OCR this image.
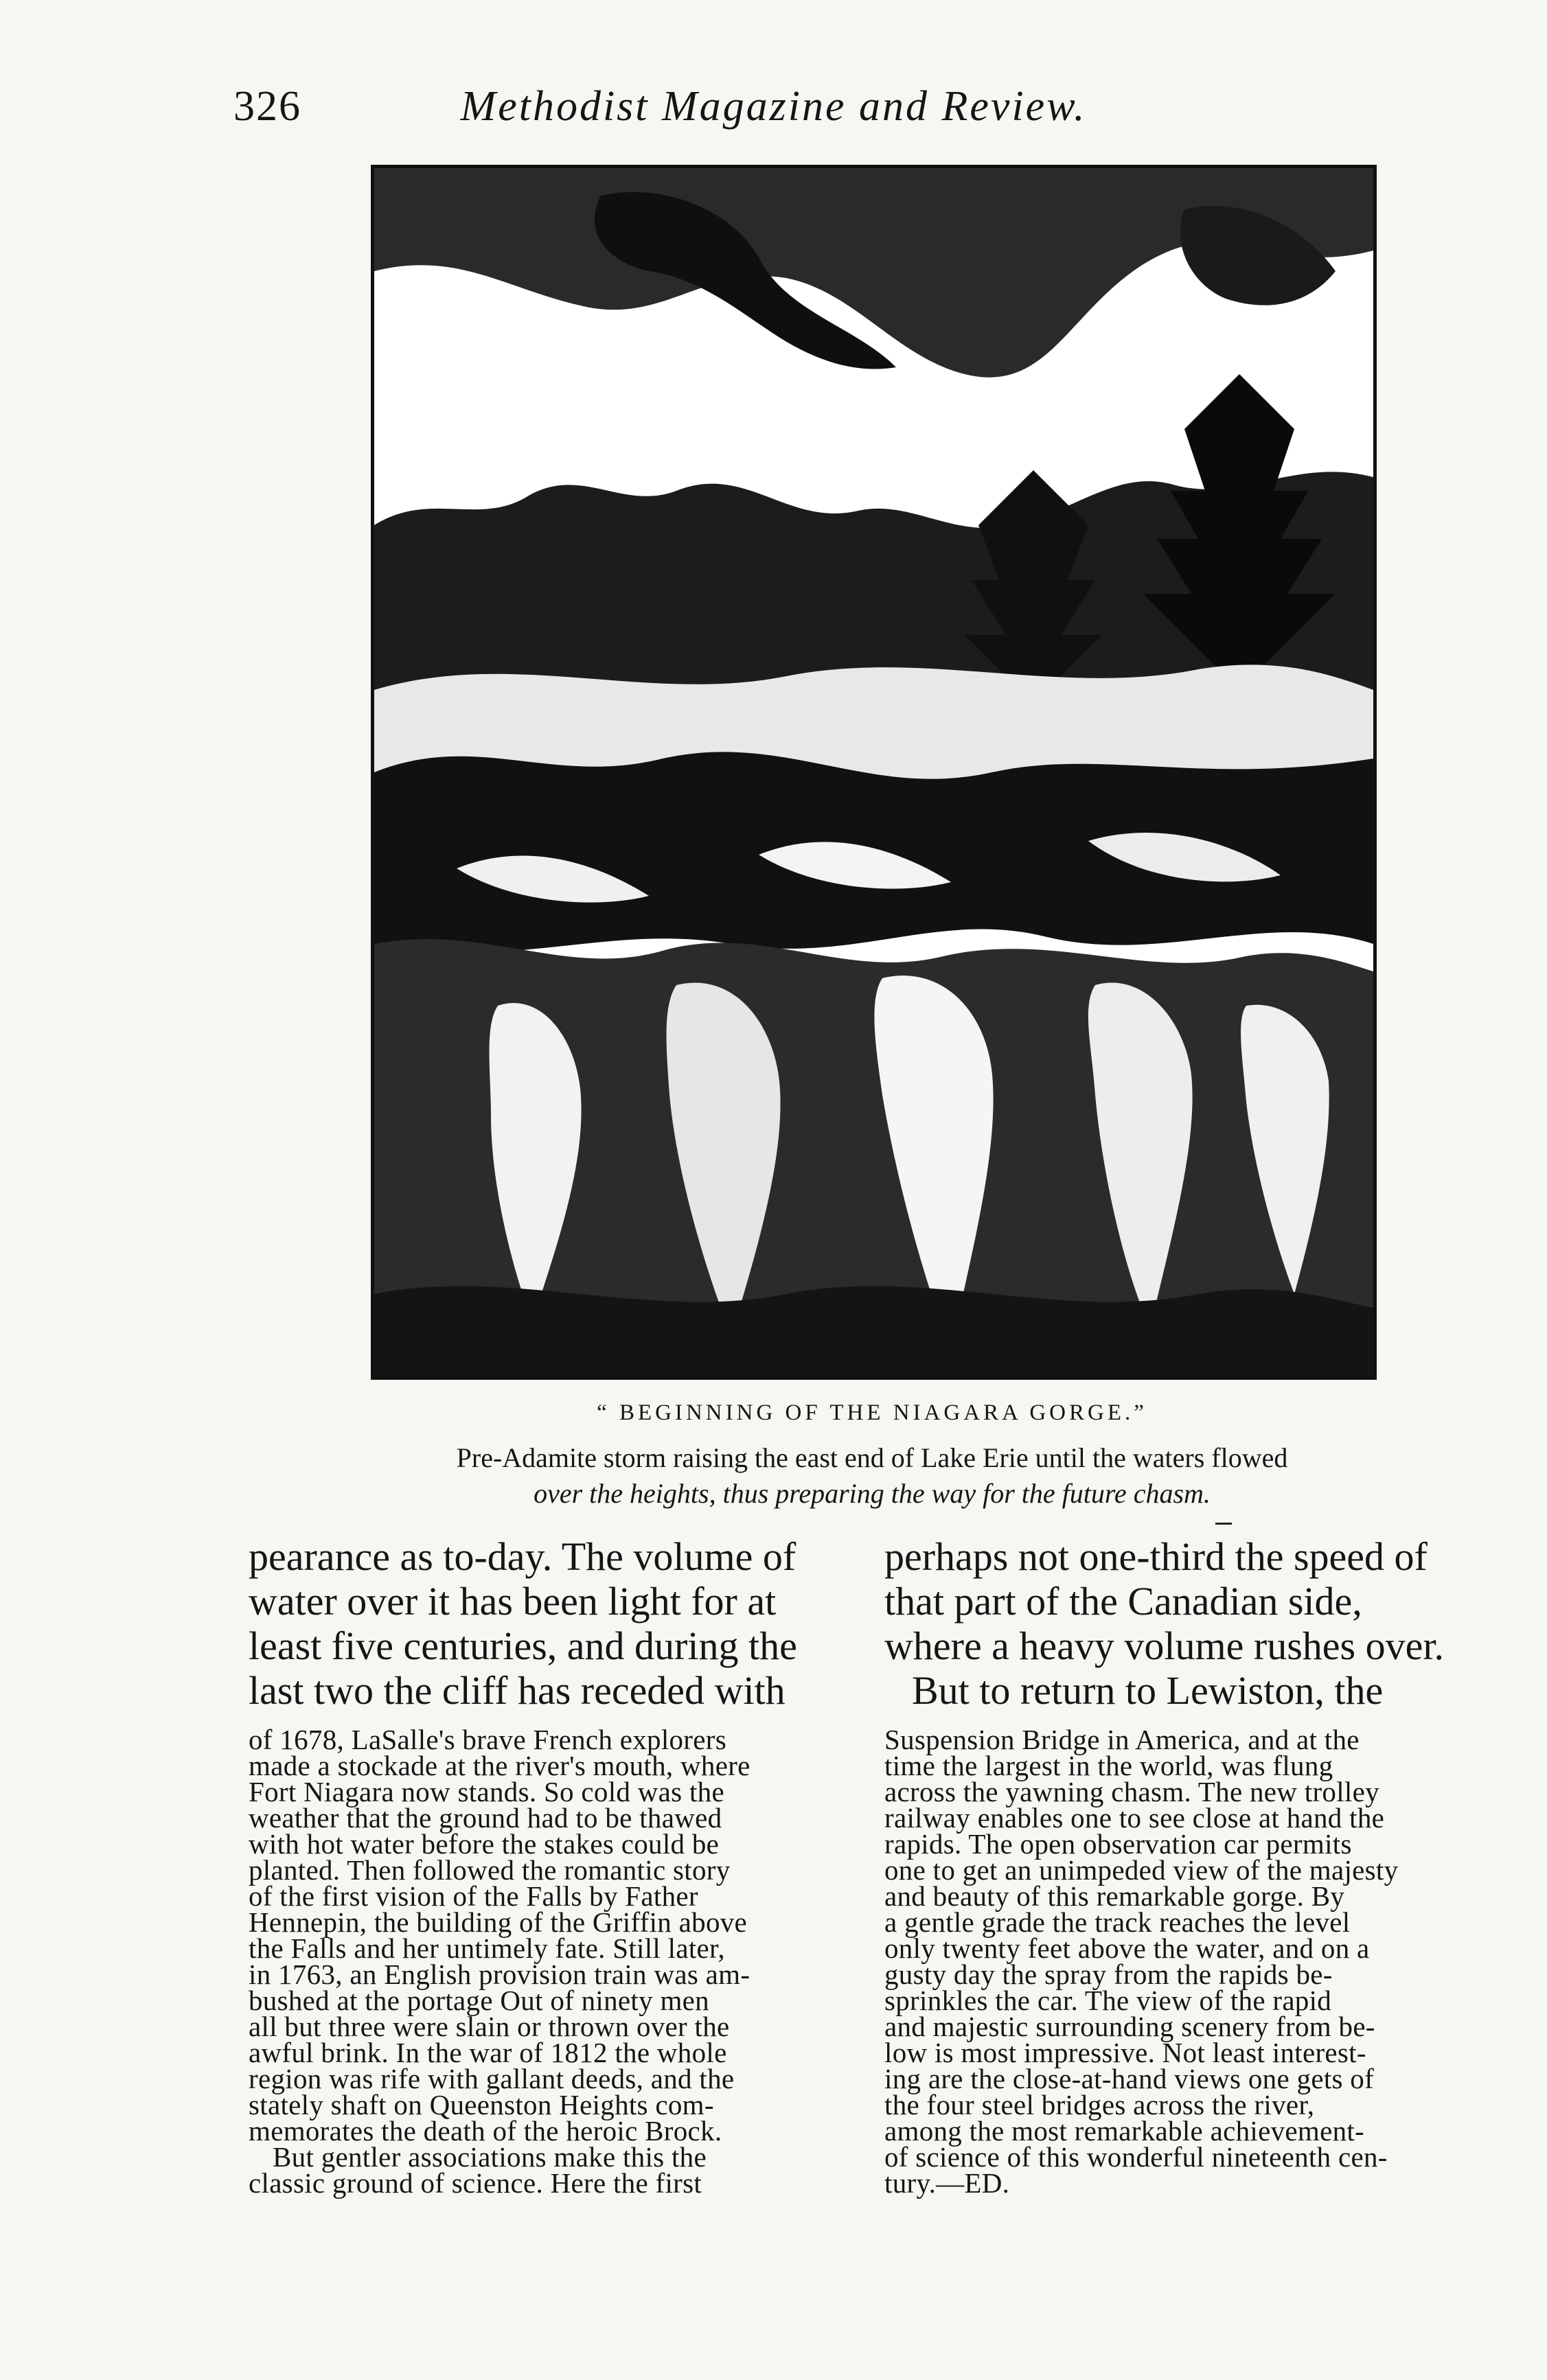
326	Methodist Magazine and Review.
“ BEGINNING OF THE NIAGARA GORGE.”
Pre-Adamite storm raising the east end of Lake Erie until the waters flowed
over the heights, thus preparing the way for the future chasm.
pearance as to-day. The volume of
water over it has been light for at
least five centuries, and during the
last two the cliff has receded with
of 1678, LaSalle's brave French explorers
made a stockade at the river's mouth, where
Fort Niagara now stands. So cold was the
weather that the ground had to be thawed
with hot water before the stakes could be
planted. Then followed the romantic story
of the first vision of the Falls by Father
Hennepin, the building of the Griffin above
the Falls and her untimely fate. Still later,
in 1763, an English provision train was am-
bushed at the portage Out of ninety men
all but three were slain or thrown over the
awful brink. In the war of 1812 the whole
region was rife with gallant deeds, and the
stately shaft on Queenston Heights com-
memorates the death of the heroic Brock.
But gentler associations make this the
classic ground of science. Here the first
perhaps not one-third the speed of
that part of the Canadian side,
where a heavy volume rushes over.
But to return to Lewiston, the
Suspension Bridge in America, and at the
time the largest in the world, was flung
across the yawning chasm. The new trolley
railway enables one to see close at hand the
rapids. The open observation car permits
one to get an unimpeded view of the majesty
and beauty of this remarkable gorge. By
a gentle grade the track reaches the level
only twenty feet above the water, and on a
gusty day the spray from the rapids be-
sprinkles the car. The view of the rapid
and majestic surrounding scenery from be-
low is most impressive. Not least interest-
ing are the close-at-hand views one gets of
the four steel bridges across the river,
among the most remarkable achievement-
of science of this wonderful nineteenth cen-
tury.—ED.
